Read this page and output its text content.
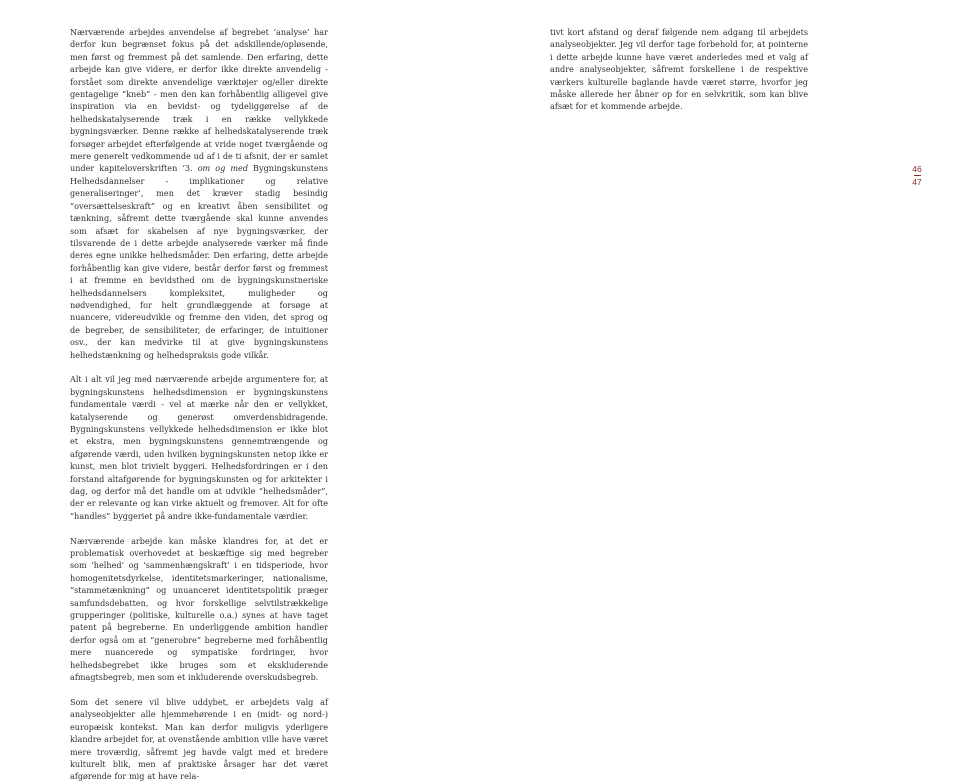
Nærværende arbejdes anvendelse af begrebet ‘analyse’ har derfor kun begrænset fokus på det adskillende/opløsende, men først og fremmest på det samlende. Den erfaring, dette arbejde kan give videre, er derfor ikke direkte anvendelig - forstået som direkte anvendelige værktøjer og/eller direkte gentagelige “kneb” - men den kan forhåbentlig alligevel give inspiration via en bevidst- og tydeliggørelse af de helhedskatalyserende træk i en række vellykkede bygningsværker. Denne række af helhedskatalyserende træk forsøger arbejdet efterfølgende at vride noget tværgående og mere generelt vedkommende ud af i de ti afsnit, der er samlet under kapiteloverskriften ‘3. om og med Bygningskunstens Helhedsdannelser - implikationer og relative generaliseringer’, men det kræver stadig besindig “oversættelseskraft” og en kreativt åben sensibilitet og tænkning, såfremt dette tværgående skal kunne anvendes som afsæt for skabelsen af nye bygningsværker, der tilsvarende de i dette arbejde analyserede værker må finde deres egne unikke helhedsmåder. Den erfaring, dette arbejde forhåbentlig kan give videre, består derfor først og fremmest i at fremme en bevidsthed om de bygningskunstneriske helhedsdannelsers kompleksitet, muligheder og nødvendighed, for helt grundlæggende at forsøge at nuancere, videreudvikle og fremme den viden, det sprog og de begreber, de sensibiliteter, de erfaringer, de intuitioner osv., der kan medvirke til at give bygningskunstens helhedstænkning og helhedspraksis gode vilkår.

Alt i alt vil jeg med nærværende arbejde argumentere for, at bygningskunstens helhedsdimension er bygningskunstens fundamentale værdi - vel at mærke når den er vellykket, katalyserende og generøst omverdensbidragende. Bygningskunstens vellykkede helhedsdimension er ikke blot et ekstra, men bygningskunstens gennemtrængende og afgørende værdi, uden hvilken bygningskunsten netop ikke er kunst, men blot trivielt byggeri. Helhedsfordringen er i den forstand altafgørende for bygningskunsten og for arkitekter i dag, og derfor må det handle om at udvikle “helhedsmåder”, der er relevante og kan virke aktuelt og fremover. Alt for ofte “handles” byggeriet på andre ikke-fundamentale værdier.

Nærværende arbejde kan måske klandres for, at det er problematisk overhovedet at beskæftige sig med begreber som ‘helhed’ og ‘sammenhængskraft’ i en tidsperiode, hvor homogenitetsdyrkelse, identitetsmarkeringer, nationalisme, “stammetænkning” og unuanceret identitetspolitik præger samfundsdebatten, og hvor forskellige selvtilstrækkelige grupperinger (politiske, kulturelle o.a.) synes at have taget patent på begreberne. En underliggende ambition handler derfor også om at “generobre” begreberne med forhåbentlig mere nuancerede og sympatiske fordringer, hvor helhedsbegrebet ikke bruges som et ekskluderende afmagtsbegreb, men som et inkluderende overskudsbegreb.

Som det senere vil blive uddybet, er arbejdets valg af analyseobjekter alle hjemmehørende i en (midt- og nord-) europæisk kontekst. Man kan derfor muligvis yderligere klandre arbejdet for, at ovenstående ambition ville have været mere troværdig, såfremt jeg havde valgt med et bredere kulturelt blik, men af praktiske årsager har det været afgørende for mig at have rela-

tivt kort afstand og deraf følgende nem adgang til arbejdets analyseobjekter. Jeg vil derfor tage forbehold for, at pointerne i dette arbejde kunne have været anderledes med et valg af andre analyseobjekter, såfremt forskellene i de respektive værkers kulturelle baglande havde været større, hvorfor jeg måske allerede her åbner op for en selvkritik, som kan blive afsæt for et kommende arbejde.

46
47
